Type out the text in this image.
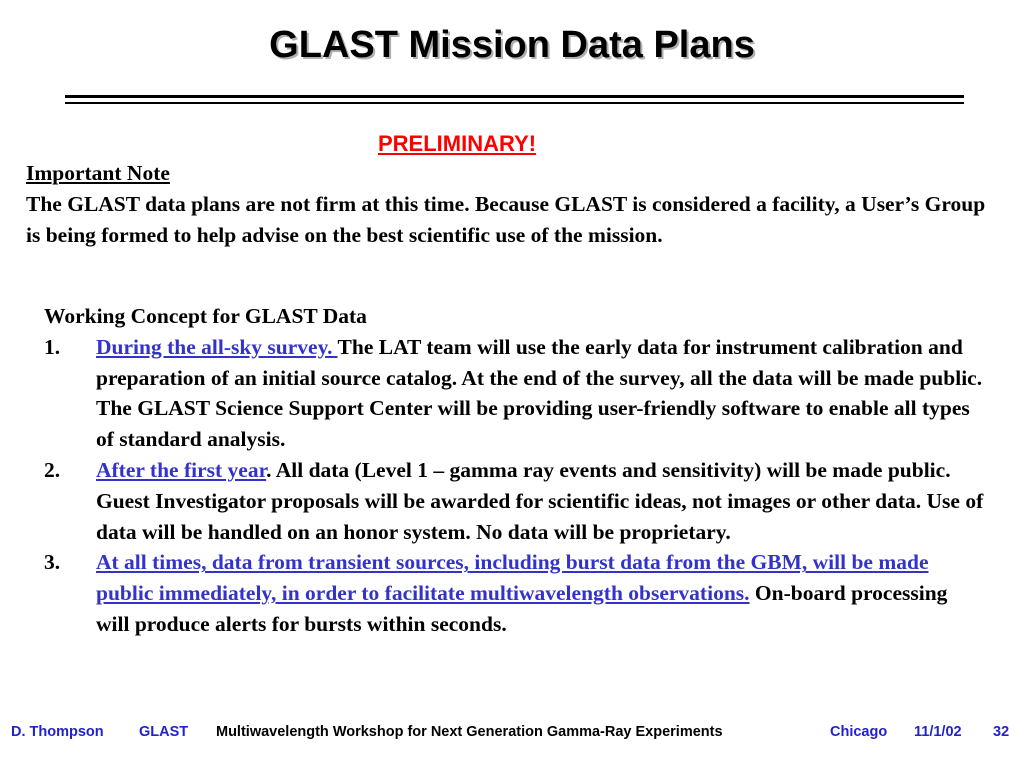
GLAST Mission Data Plans
PRELIMINARY!
Important Note
The GLAST data plans are not firm at this time. Because GLAST is considered a facility, a User’s Group is being formed to help advise on the best scientific use of the mission.
Working Concept for GLAST Data
1. During the all-sky survey. The LAT team will use the early data for instrument calibration and preparation of an initial source catalog. At the end of the survey, all the data will be made public. The GLAST Science Support Center will be providing user-friendly software to enable all types of standard analysis.
2. After the first year. All data (Level 1 – gamma ray events and sensitivity) will be made public. Guest Investigator proposals will be awarded for scientific ideas, not images or other data. Use of data will be handled on an honor system. No data will be proprietary.
3. At all times, data from transient sources, including burst data from the GBM, will be made public immediately, in order to facilitate multiwavelength observations. On-board processing will produce alerts for bursts within seconds.
D. Thompson GLAST Multiwavelength Workshop for Next Generation Gamma-Ray Experiments	Chicago 11/1/02 32
